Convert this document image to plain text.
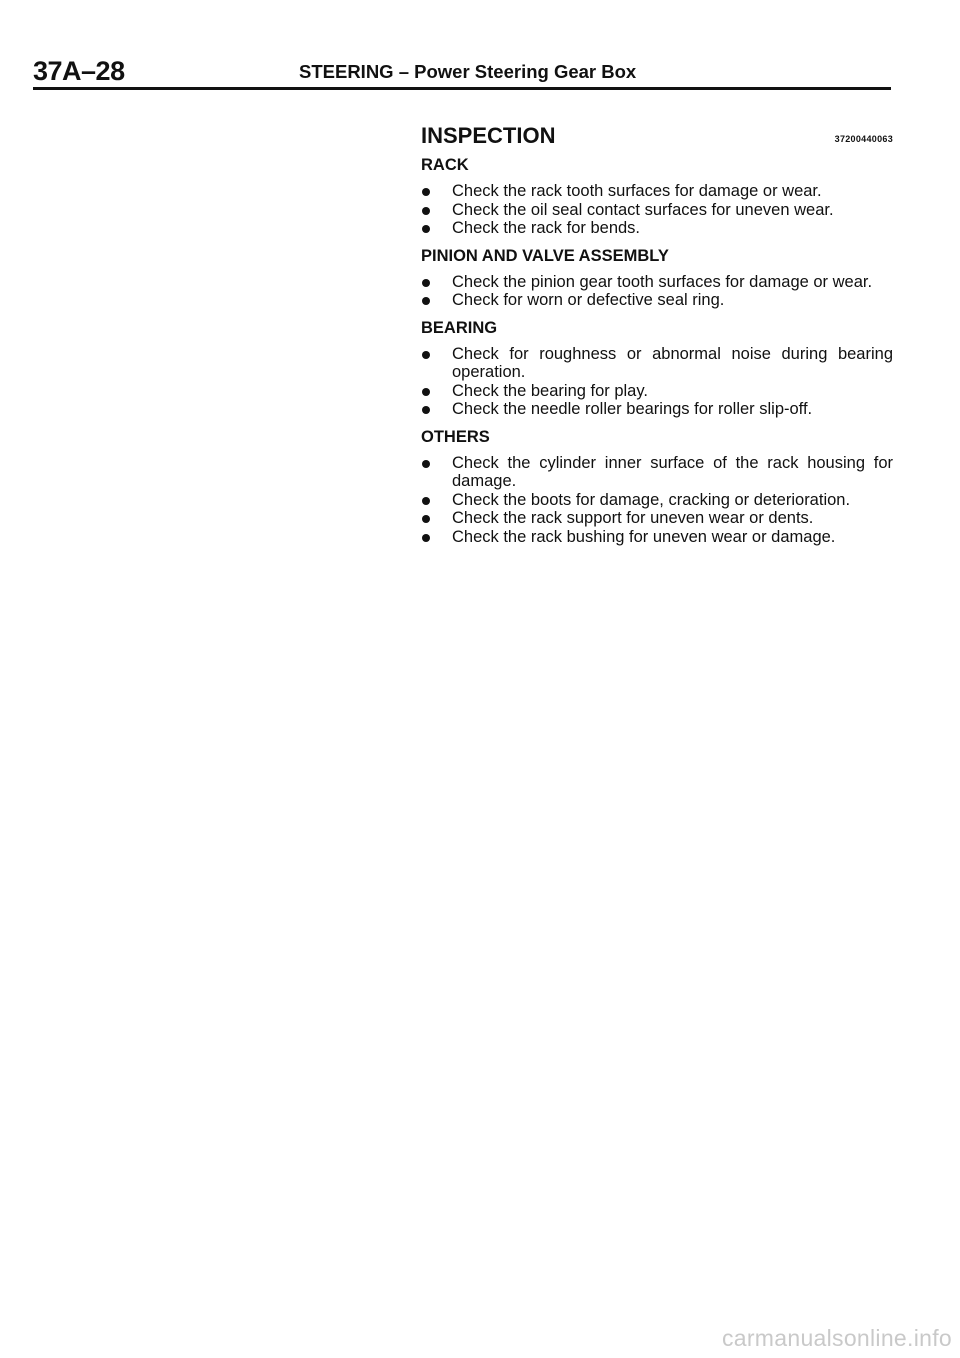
37A–28	STEERING – Power Steering Gear Box
INSPECTION	37200440063
RACK
Check the rack tooth surfaces for damage or wear.
Check the oil seal contact surfaces for uneven wear.
Check the rack for bends.
PINION AND VALVE ASSEMBLY
Check the pinion gear tooth surfaces for damage or wear.
Check for worn or defective seal ring.
BEARING
Check for roughness or abnormal noise during bearing operation.
Check the bearing for play.
Check the needle roller bearings for roller slip-off.
OTHERS
Check the cylinder inner surface of the rack housing for damage.
Check the boots for damage, cracking or deterioration.
Check the rack support for uneven wear or dents.
Check the rack bushing for uneven wear or damage.
carmanualsonline.info
